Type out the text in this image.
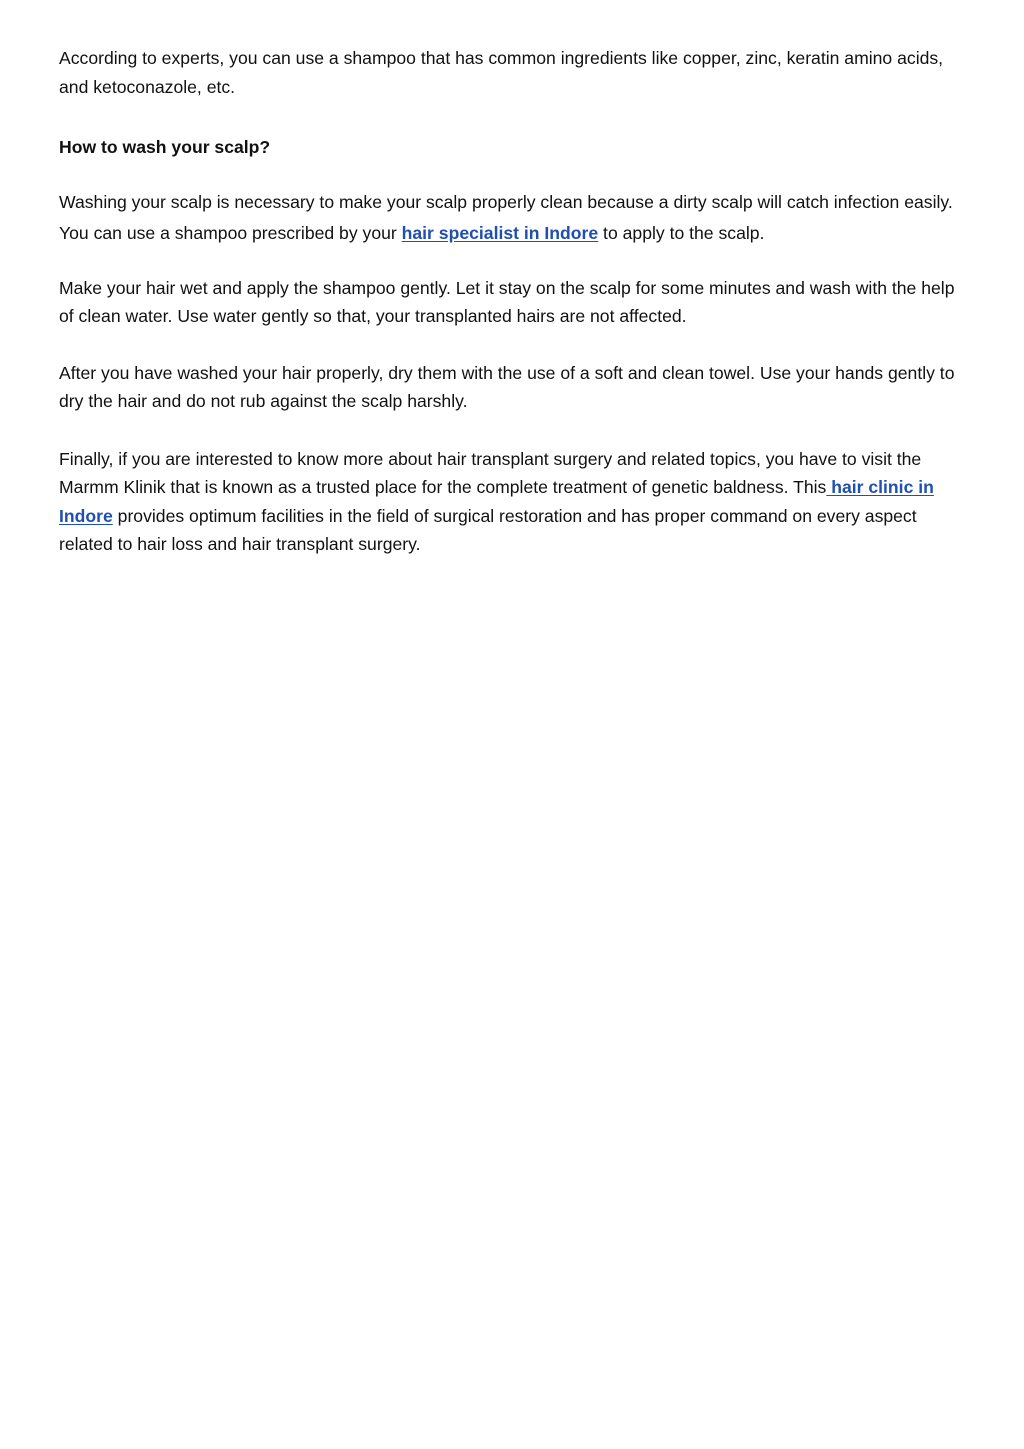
According to experts, you can use a shampoo that has common ingredients like copper, zinc, keratin amino acids, and ketoconazole, etc.

How to wash your scalp?

Washing your scalp is necessary to make your scalp properly clean because a dirty scalp will catch infection easily.

You can use a shampoo prescribed by your hair specialist in Indore to apply to the scalp.

Make your hair wet and apply the shampoo gently. Let it stay on the scalp for some minutes and wash with the help of clean water. Use water gently so that, your transplanted hairs are not affected.

After you have washed your hair properly, dry them with the use of a soft and clean towel. Use your hands gently to dry the hair and do not rub against the scalp harshly.

Finally, if you are interested to know more about hair transplant surgery and related topics, you have to visit the Marmm Klinik that is known as a trusted place for the complete treatment of genetic baldness. This hair clinic in Indore provides optimum facilities in the field of surgical restoration and has proper command on every aspect related to hair loss and hair transplant surgery.
